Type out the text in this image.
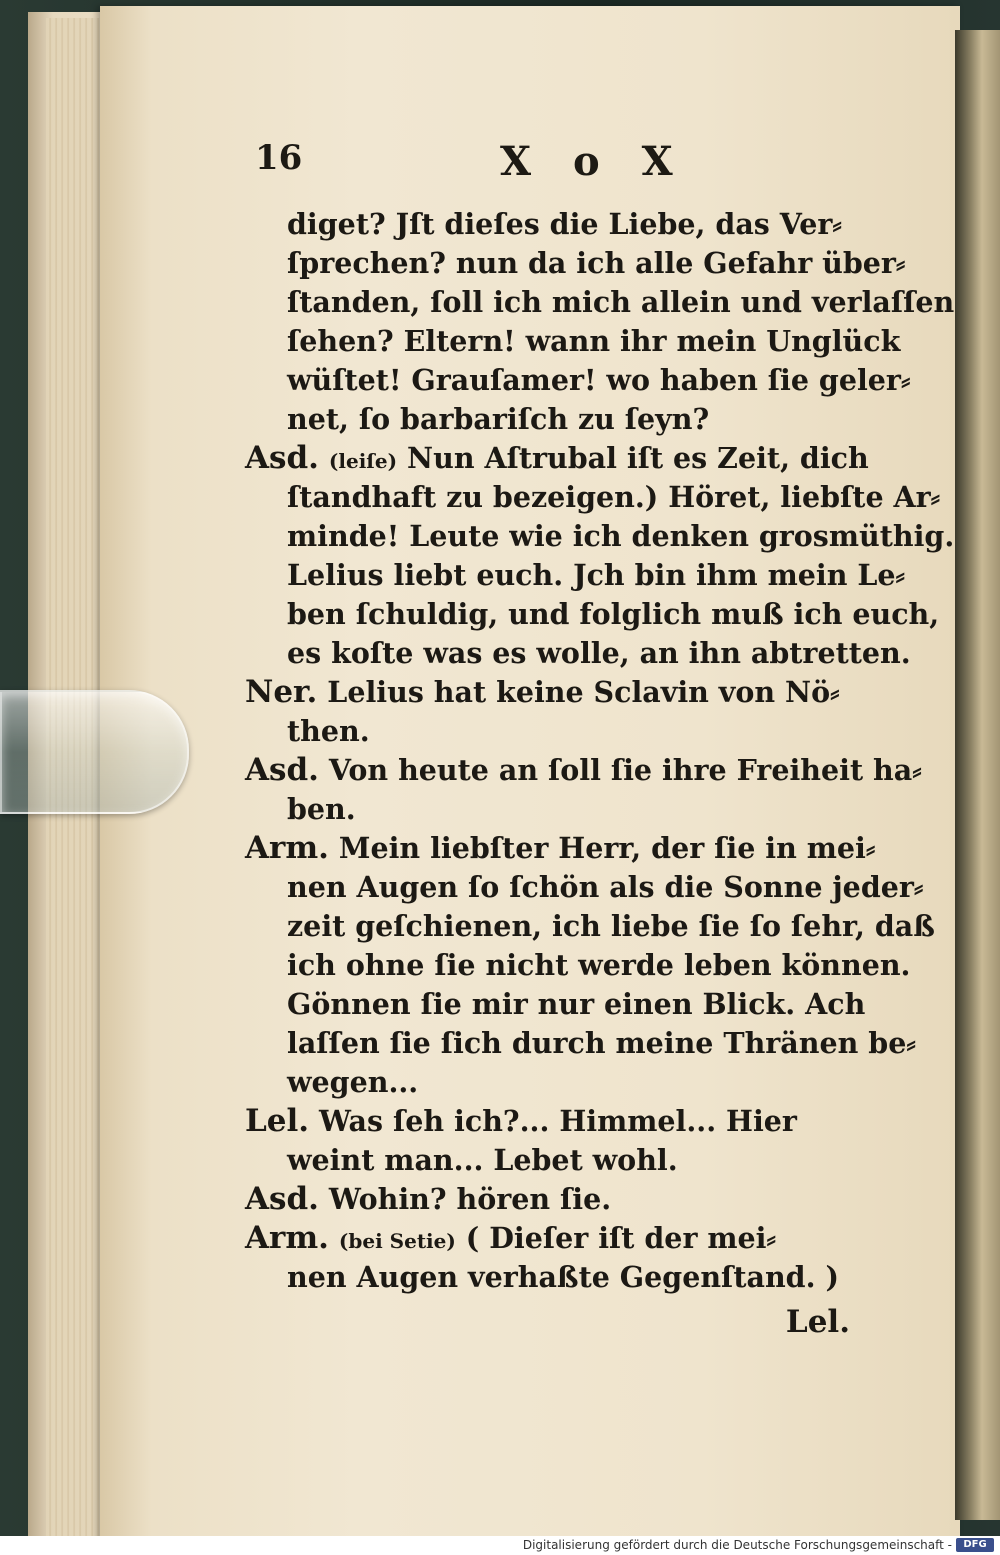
16	X o X
diget? Jſt dieſes die Liebe, das Ver⸗
ſprechen? nun da ich alle Gefahr über⸗
ſtanden, ſoll ich mich allein und verlaſſen
ſehen? Eltern! wann ihr mein Unglück
wüſtet! Grauſamer! wo haben ſie geler⸗
net, ſo barbariſch zu ſeyn?
Asd. (leiſe) Nun Aſtrubal iſt es Zeit, dich
ſtandhaft zu bezeigen.) Höret, liebſte Ar⸗
minde! Leute wie ich denken grosmüthig.
Lelius liebt euch. Jch bin ihm mein Le⸗
ben ſchuldig, und folglich muß ich euch,
es koſte was es wolle, an ihn abtretten.
Ner. Lelius hat keine Sclavin von Nö⸗
then.
Asd. Von heute an ſoll ſie ihre Freiheit ha⸗
ben.
Arm. Mein liebſter Herr, der ſie in mei⸗
nen Augen ſo ſchön als die Sonne jeder⸗
zeit geſchienen, ich liebe ſie ſo ſehr, daß
ich ohne ſie nicht werde leben können.
Gönnen ſie mir nur einen Blick. Ach
laſſen ſie ſich durch meine Thränen be⸗
wegen...
Lel. Was ſeh ich?... Himmel... Hier
weint man... Lebet wohl.
Asd. Wohin? hören ſie.
Arm. (bei Setie) ( Dieſer iſt der mei⸗
nen Augen verhaßte Gegenſtand. )
Lel.
Digitalisierung gefördert durch die Deutsche Forschungsgemeinschaft -	DFG
